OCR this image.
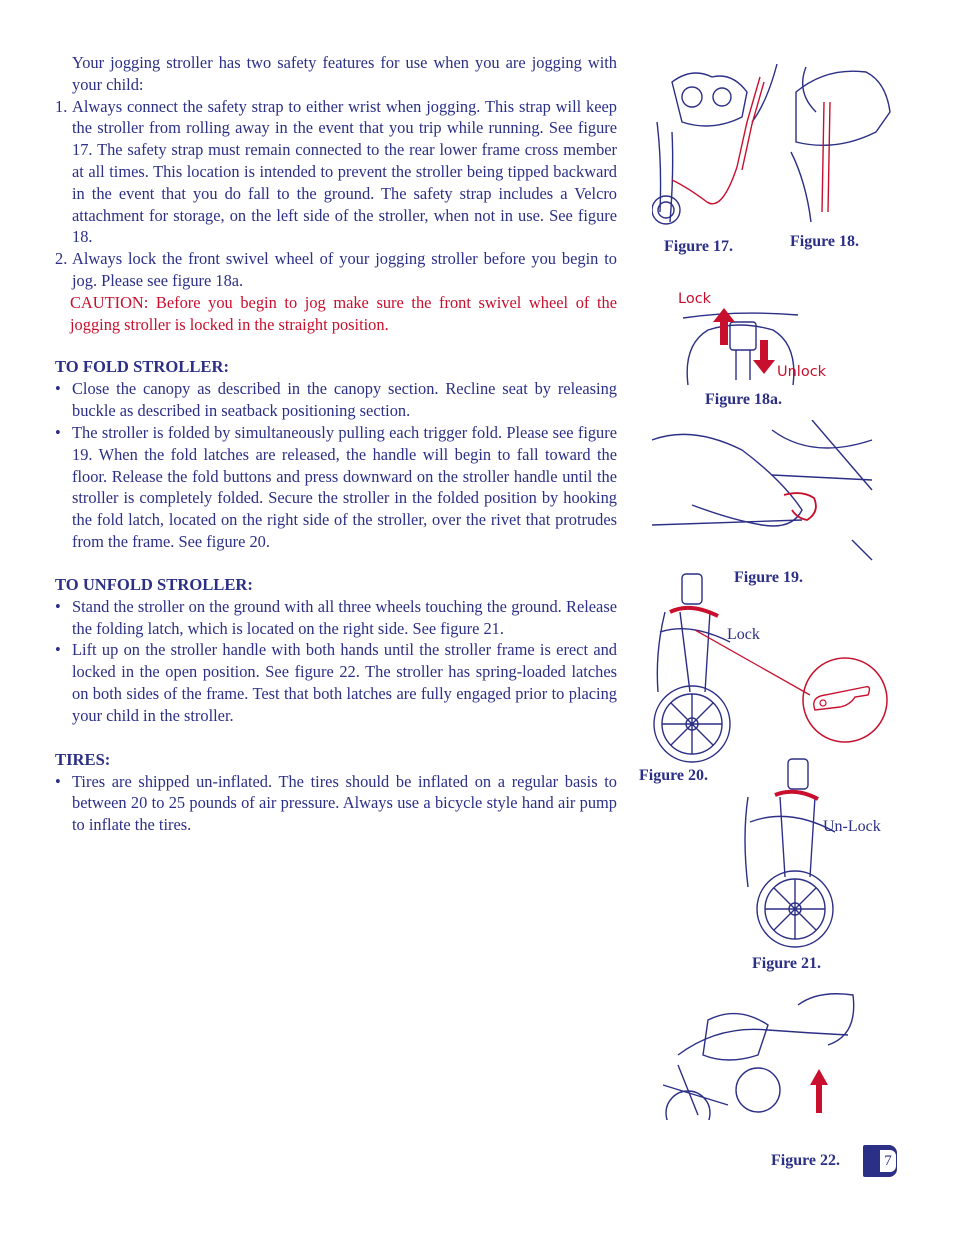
Your jogging stroller has two safety features for use when you are jogging with your child:

1. Always connect the safety strap to either wrist when jogging. This strap will keep the stroller from rolling away in the event that you trip while running. See figure 17. The safety strap must remain connected to the rear lower frame cross member at all times. This location is intended to prevent the stroller being tipped backward in the event that you do fall to the ground. The safety strap includes a Velcro attachment for storage, on the left side of the stroller, when not in use. See figure 18.
2. Always lock the front swivel wheel of your jogging stroller before you begin to jog. Please see figure 18a.

CAUTION: Before you begin to jog make sure the front swivel wheel of the jogging stroller is locked in the straight position.

TO FOLD STROLLER:
• Close the canopy as described in the canopy section. Recline seat by releasing buckle as described in seatback positioning section.
• The stroller is folded by simultaneously pulling each trigger fold. Please see figure 19. When the fold latches are released, the handle will begin to fall toward the floor. Release the fold buttons and press downward on the stroller handle until the stroller is completely folded. Secure the stroller in the folded position by hooking the fold latch, located on the right side of the stroller, over the rivet that protrudes from the frame. See figure 20.
TO UNFOLD STROLLER:
• Stand the stroller on the ground with all three wheels touching the ground. Release the folding latch, which is located on the right side. See figure 21.
• Lift up on the stroller handle with both hands until the stroller frame is erect and locked in the open position. See figure 22. The stroller has spring-loaded latches on both sides of the frame. Test that both latches are fully engaged prior to placing your child in the stroller.
TIRES:
• Tires are shipped un-inflated. The tires should be inflated on a regular basis to between 20 to 25 pounds of air pressure. Always use a bicycle style hand air pump to inflate the tires.
Figure 17.	Figure 18.
Lock
Unlock
Figure 18a.
Figure 19.
Lock
Figure 20.
Un-Lock
Figure 21.
Figure 22.	7
